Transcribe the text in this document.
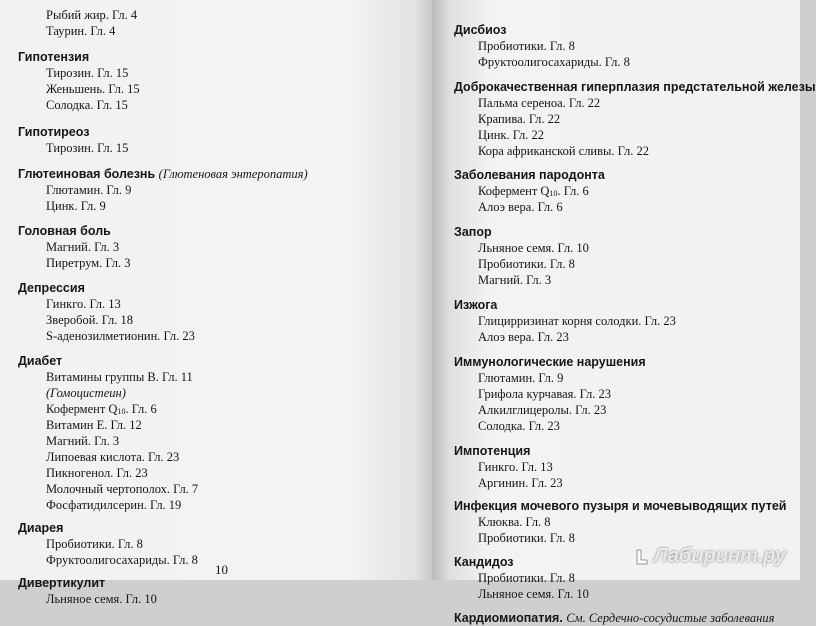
Рыбий жир. Гл. 4
Таурин. Гл. 4
Гипотензия
Тирозин. Гл. 15
Женьшень. Гл. 15
Солодка. Гл. 15
Гипотиреоз
Тирозин. Гл. 15
Глютеиновая болезнь (Глютеновая энтеропатия)
Глютамин. Гл. 9
Цинк. Гл. 9
Головная боль
Магний. Гл. 3
Пиретрум. Гл. 3
Депрессия
Гинкго. Гл. 13
Зверобой. Гл. 18
S-аденозилметионин. Гл. 23
Диабет
Витамины группы В. Гл. 11
(Гомоцистеин)
Кофермент $Q_{10}$. Гл. 6
Витамин Е. Гл. 12
Магний. Гл. 3
Липоевая кислота. Гл. 23
Пикногенол. Гл. 23
Молочный чертополох. Гл. 7
Фосфатидилсерин. Гл. 19
Диарея
Пробиотики. Гл. 8
Фруктоолигосахариды. Гл. 8
Дивертикулит
Льняное семя. Гл. 10
10
Дисбиоз
Пробиотики. Гл. 8
Фруктоолигосахариды. Гл. 8
Доброкачественная гиперплазия предстательной железы
Пальма сереноа. Гл. 22
Крапива. Гл. 22
Цинк. Гл. 22
Кора африканской сливы. Гл. 22
Заболевания пародонта
Кофермент $Q_{10}$. Гл. 6
Алоэ вера. Гл. 6
Запор
Льняное семя. Гл. 10
Пробиотики. Гл. 8
Магний. Гл. 3
Изжога
Глицирризинат корня солодки. Гл. 23
Алоэ вера. Гл. 23
Иммунологические нарушения
Глютамин. Гл. 9
Грифола курчавая. Гл. 23
Алкилглицеролы. Гл. 23
Солодка. Гл. 23
Импотенция
Гинкго. Гл. 13
Аргинин. Гл. 23
Инфекция мочевого пузыря и мочевыводящих путей
Клюква. Гл. 8
Пробиотики. Гл. 8
Кандидоз
Пробиотики. Гл. 8
Льняное семя. Гл. 10
Кардиомиопатия. См. Сердечно-сосудистые заболевания
Лабиринт.ру
